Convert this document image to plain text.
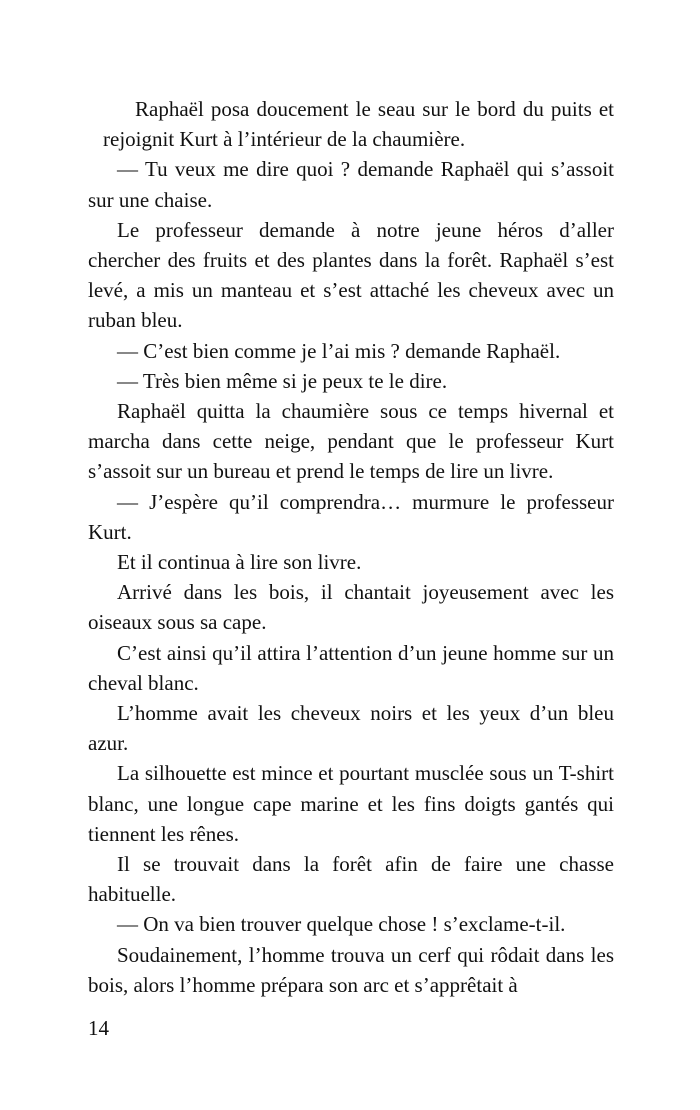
Raphaël posa doucement le seau sur le bord du puits et rejoignit Kurt à l’intérieur de la chaumière.

— Tu veux me dire quoi ? demande Raphaël qui s’assoit sur une chaise.

Le professeur demande à notre jeune héros d’aller chercher des fruits et des plantes dans la forêt. Raphaël s’est levé, a mis un manteau et s’est attaché les cheveux avec un ruban bleu.

— C’est bien comme je l’ai mis ? demande Raphaël.

— Très bien même si je peux te le dire.

Raphaël quitta la chaumière sous ce temps hivernal et marcha dans cette neige, pendant que le professeur Kurt s’assoit sur un bureau et prend le temps de lire un livre.

— J’espère qu’il comprendra… murmure le professeur Kurt.

Et il continua à lire son livre.

Arrivé dans les bois, il chantait joyeusement avec les oiseaux sous sa cape.

C’est ainsi qu’il attira l’attention d’un jeune homme sur un cheval blanc.

L’homme avait les cheveux noirs et les yeux d’un bleu azur.

La silhouette est mince et pourtant musclée sous un T-shirt blanc, une longue cape marine et les fins doigts gantés qui tiennent les rênes.

Il se trouvait dans la forêt afin de faire une chasse habituelle.

— On va bien trouver quelque chose ! s’exclame-t-il.

Soudainement, l’homme trouva un cerf qui rôdait dans les bois, alors l’homme prépara son arc et s’apprêtait à

14
